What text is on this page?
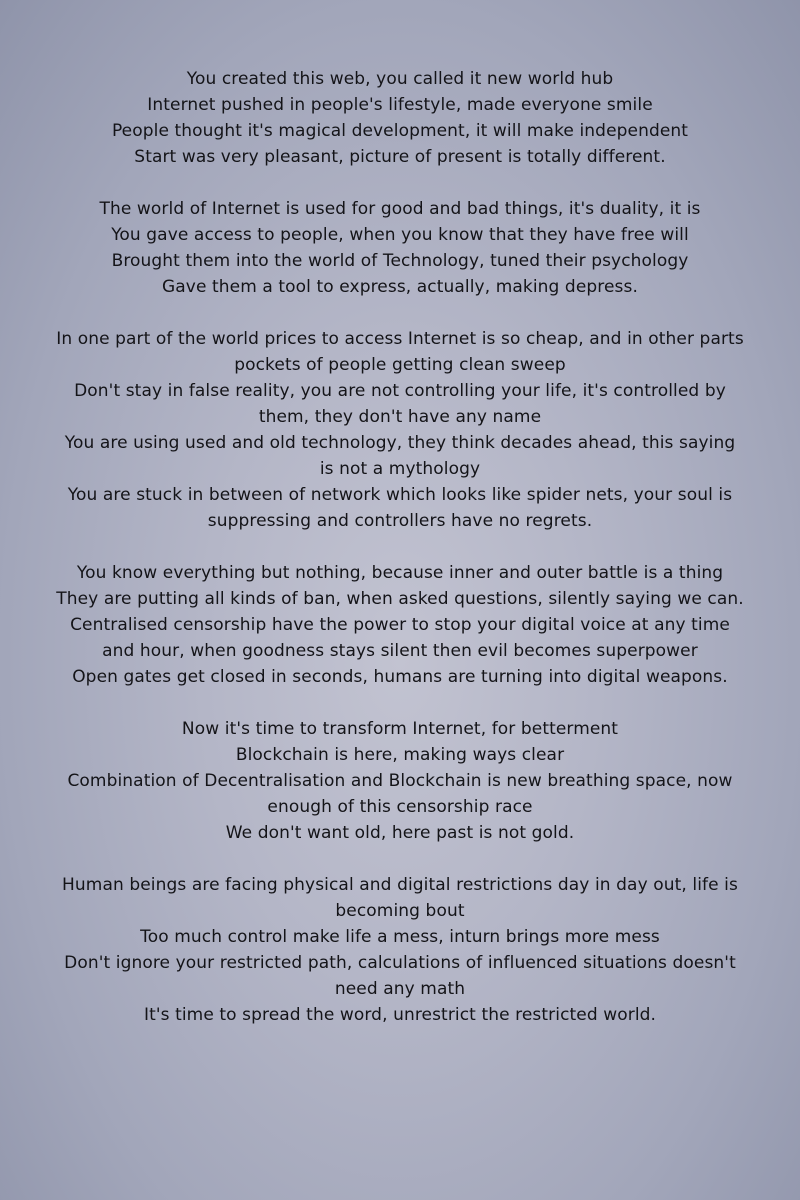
You created this web, you called it new world hub
Internet pushed in people's lifestyle, made everyone smile
People thought it's magical development, it will make independent
Start was very pleasant, picture of present is totally different.
The world of Internet is used for good and bad things, it's duality, it is
You gave access to people, when you know that they have free will
Brought them into the world of Technology, tuned their psychology
Gave them a tool to express, actually, making depress.
In one part of the world prices to access Internet is so cheap, and in other parts pockets of people getting clean sweep
Don't stay in false reality, you are not controlling your life, it's controlled by them, they don't have any name
You are using used and old technology, they think decades ahead, this saying is not a mythology
You are stuck in between of network which looks like spider nets, your soul is suppressing and controllers have no regrets.
You know everything but nothing, because inner and outer battle is a thing
They are putting all kinds of ban, when asked questions, silently saying we can.
Centralised censorship have the power to stop your digital voice at any time and hour, when goodness stays silent then evil becomes superpower
Open gates get closed in seconds, humans are turning into digital weapons.
Now it's time to transform Internet, for betterment
Blockchain is here, making ways clear
Combination of Decentralisation and Blockchain is new breathing space, now enough of this censorship race
We don't want old, here past is not gold.
Human beings are facing physical and digital restrictions day in day out, life is becoming bout
Too much control make life a mess, inturn brings more mess
Don't ignore your restricted path, calculations of influenced situations doesn't need any math
It's time to spread the word, unrestrict the restricted world.
